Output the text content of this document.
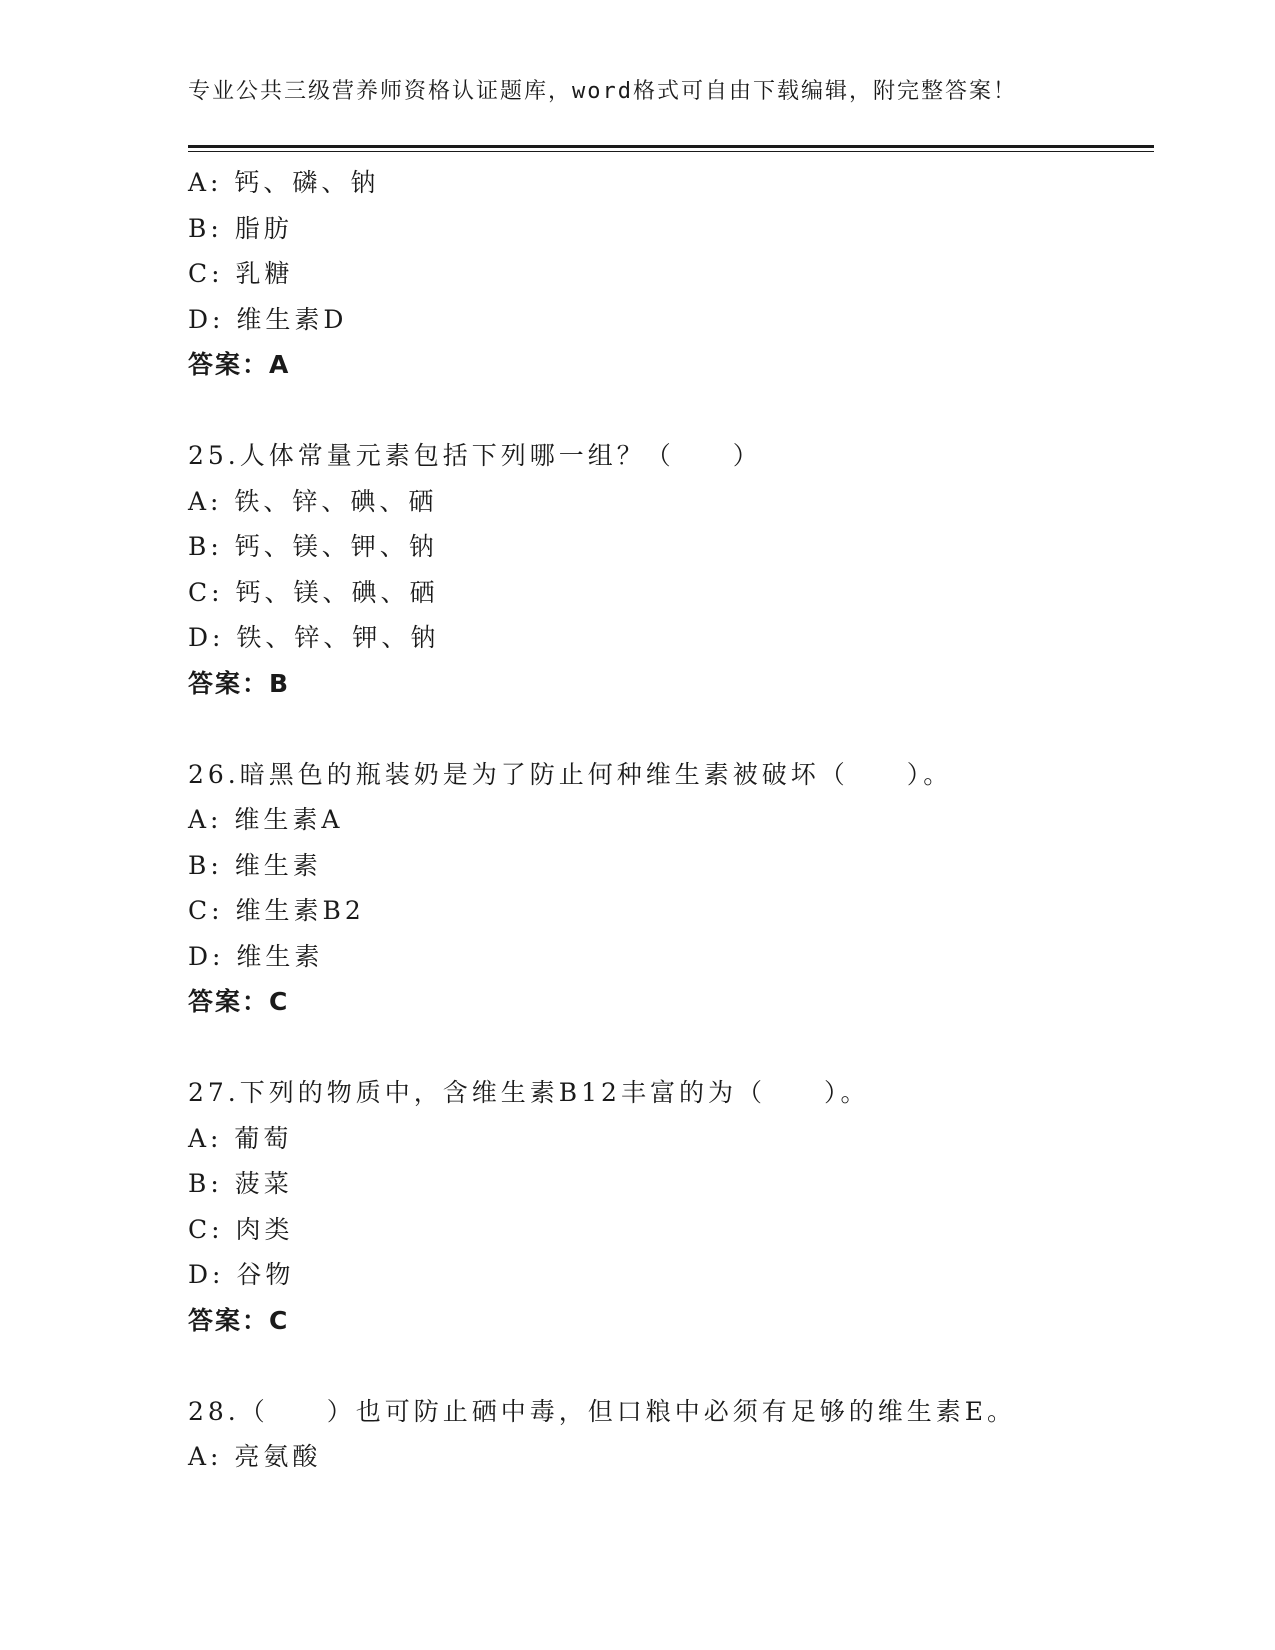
专业公共三级营养师资格认证题库，word格式可自由下载编辑，附完整答案！
A: 钙、磷、钠
B: 脂肪
C: 乳糖
D: 维生素D
答案：A
25.人体常量元素包括下列哪一组？（　　）
A: 铁、锌、碘、硒
B: 钙、镁、钾、钠
C: 钙、镁、碘、硒
D: 铁、锌、钾、钠
答案：B
26.暗黑色的瓶装奶是为了防止何种维生素被破坏（　　）。
A: 维生素A
B: 维生素
C: 维生素B2
D: 维生素
答案：C
27.下列的物质中，含维生素B12丰富的为（　　）。
A: 葡萄
B: 菠菜
C: 肉类
D: 谷物
答案：C
28.（　　）也可防止硒中毒，但口粮中必须有足够的维生素E。
A: 亮氨酸
